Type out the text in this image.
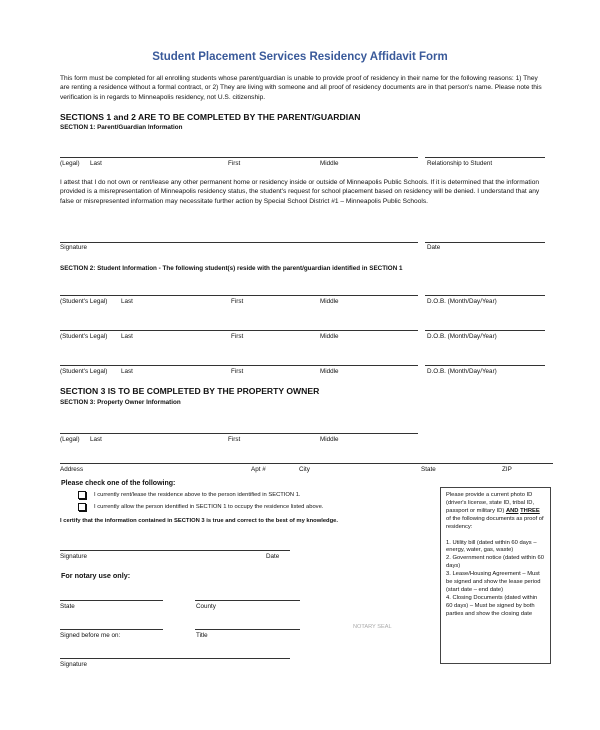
Student Placement Services Residency Affidavit Form
This form must be completed for all enrolling students whose parent/guardian is unable to provide proof of residency in their name for the following reasons: 1) They are renting a residence without a formal contract, or 2) They are living with someone and all proof of residency documents are in that person's name. Please note this verification is in regards to Minneapolis residency, not U.S. citizenship.
SECTIONS 1 and 2 ARE TO BE COMPLETED BY THE PARENT/GUARDIAN
SECTION 1: Parent/Guardian Information
(Legal) Last	First	Middle	Relationship to Student
I attest that I do not own or rent/lease any other permanent home or residency inside or outside of Minneapolis Public Schools. If it is determined that the information provided is a misrepresentation of Minneapolis residency status, the student's request for school placement based on residency will be denied. I understand that any false or misrepresented information may necessitate further action by Special School District #1 – Minneapolis Public Schools.
Signature	Date
SECTION 2: Student Information - The following student(s) reside with the parent/guardian identified in SECTION 1
(Student's Legal) Last	First	Middle	D.O.B. (Month/Day/Year)
(Student's Legal) Last	First	Middle	D.O.B. (Month/Day/Year)
(Student's Legal) Last	First	Middle	D.O.B. (Month/Day/Year)
SECTION 3 IS TO BE COMPLETED BY THE PROPERTY OWNER
SECTION 3: Property Owner Information
(Legal) Last	First	Middle
Address	Apt #	City	State	ZIP
Please check one of the following:
I currently rent/lease the residence above to the person identified in SECTION 1.
I currently allow the person identified in SECTION 1 to occupy the residence listed above.
I certify that the information contained in SECTION 3 is true and correct to the best of my knowledge.
Signature	Date
For notary use only:
State	County
NOTARY SEAL
Signed before me on:	Title
Signature
Please provide a current photo ID (driver's license, state ID, tribal ID, passport or military ID) AND THREE of the following documents as proof of residency:
1. Utility bill (dated within 60 days – energy, water, gas, waste)
2. Government notice (dated within 60 days)
3. Lease/Housing Agreement – Must be signed and show the lease period (start date – end date)
4. Closing Documents (dated within 60 days) – Must be signed by both parties and show the closing date
